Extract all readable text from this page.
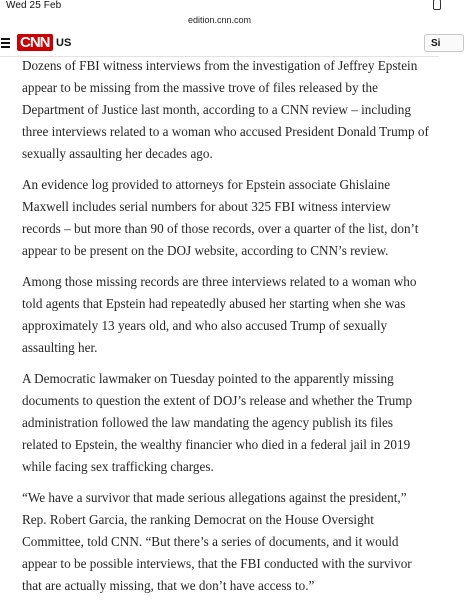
Wed 25 Feb
edition.cnn.com
CNN US	Si

Dozens of FBI witness interviews from the investigation of Jeffrey Epstein appear to be missing from the massive trove of files released by the Department of Justice last month, according to a CNN review – including three interviews related to a woman who accused President Donald Trump of sexually assaulting her decades ago.

An evidence log provided to attorneys for Epstein associate Ghislaine Maxwell includes serial numbers for about 325 FBI witness interview records – but more than 90 of those records, over a quarter of the list, don’t appear to be present on the DOJ website, according to CNN’s review.

Among those missing records are three interviews related to a woman who told agents that Epstein had repeatedly abused her starting when she was approximately 13 years old, and who also accused Trump of sexually assaulting her.

A Democratic lawmaker on Tuesday pointed to the apparently missing documents to question the extent of DOJ’s release and whether the Trump administration followed the law mandating the agency publish its files related to Epstein, the wealthy financier who died in a federal jail in 2019 while facing sex trafficking charges.

“We have a survivor that made serious allegations against the president,” Rep. Robert Garcia, the ranking Democrat on the House Oversight Committee, told CNN. “But there’s a series of documents, and it would appear to be possible interviews, that the FBI conducted with the survivor that are actually missing, that we don’t have access to.”
